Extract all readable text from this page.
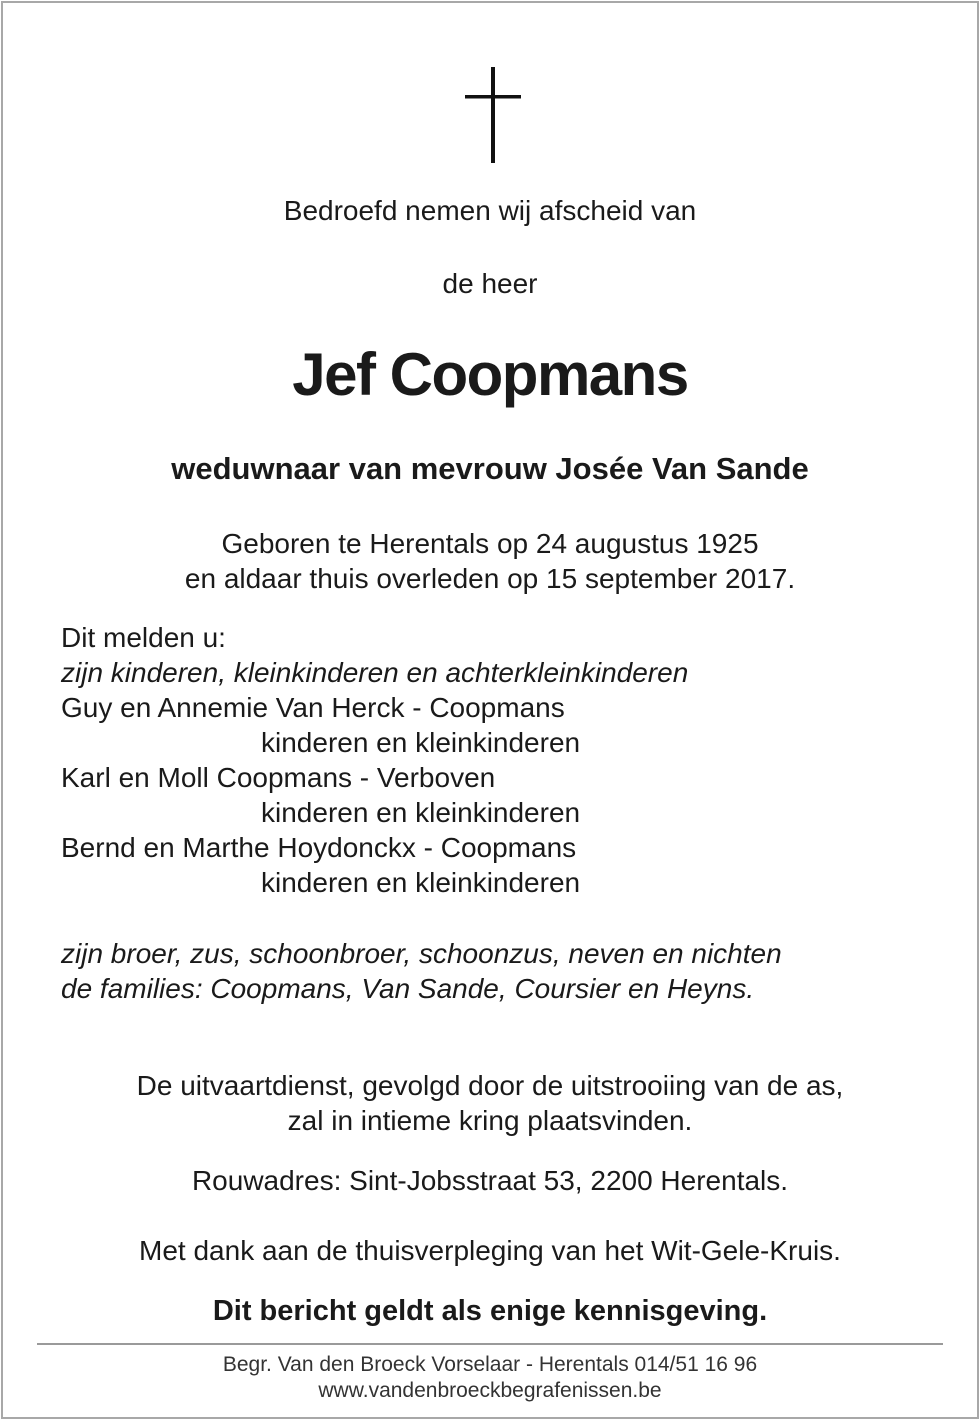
Bedroefd nemen wij afscheid van
de heer
Jef Coopmans
weduwnaar van mevrouw Josée Van Sande
Geboren te Herentals op 24 augustus 1925
en aldaar thuis overleden op 15 september 2017.
Dit melden u:
zijn kinderen, kleinkinderen en achterkleinkinderen
Guy en Annemie Van Herck - Coopmans
kinderen en kleinkinderen
Karl en Moll Coopmans - Verboven
kinderen en kleinkinderen
Bernd en Marthe Hoydonckx - Coopmans
kinderen en kleinkinderen
zijn broer, zus, schoonbroer, schoonzus, neven en nichten
de families: Coopmans, Van Sande, Coursier en Heyns.
De uitvaartdienst, gevolgd door de uitstrooiing van de as,
zal in intieme kring plaatsvinden.
Rouwadres: Sint-Jobsstraat 53, 2200 Herentals.
Met dank aan de thuisverpleging van het Wit-Gele-Kruis.
Dit bericht geldt als enige kennisgeving.
Begr. Van den Broeck Vorselaar - Herentals 014/51 16 96
www.vandenbroeckbegrafenissen.be
